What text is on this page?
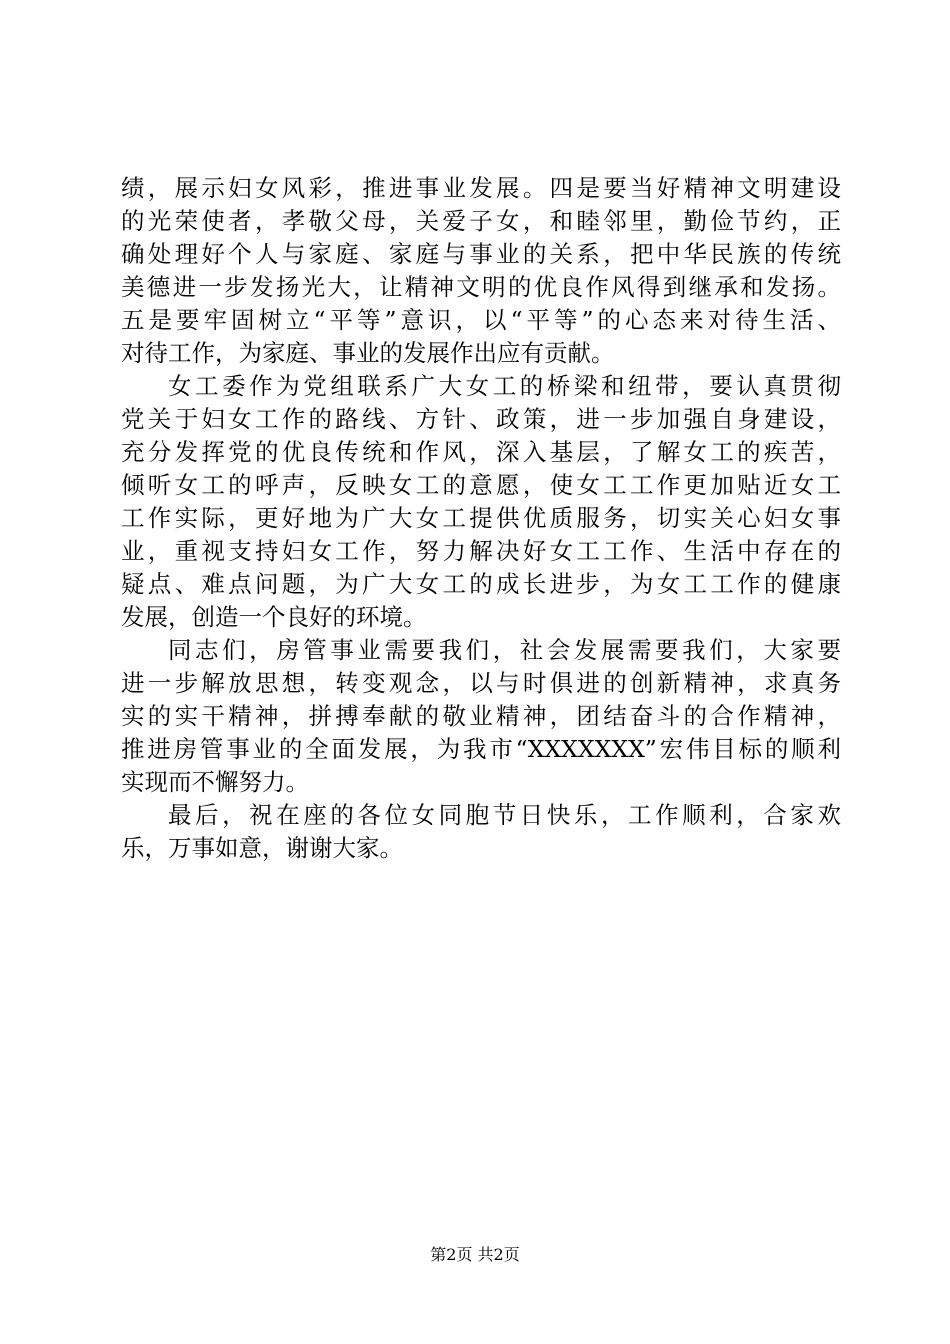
绩，展示妇女风彩，推进事业发展。四是要当好精神文明建设
的光荣使者，孝敬父母，关爱子女，和睦邻里，勤俭节约，正
确处理好个人与家庭、家庭与事业的关系，把中华民族的传统
美德进一步发扬光大，让精神文明的优良作风得到继承和发扬。
五是要牢固树立“平等”意识，以“平等”的心态来对待生活、
对待工作，为家庭、事业的发展作出应有贡献。
女工委作为党组联系广大女工的桥梁和纽带，要认真贯彻
党关于妇女工作的路线、方针、政策，进一步加强自身建设，
充分发挥党的优良传统和作风，深入基层，了解女工的疾苦，
倾听女工的呼声，反映女工的意愿，使女工工作更加贴近女工
工作实际，更好地为广大女工提供优质服务，切实关心妇女事
业，重视支持妇女工作，努力解决好女工工作、生活中存在的
疑点、难点问题，为广大女工的成长进步，为女工工作的健康
发展，创造一个良好的环境。
同志们，房管事业需要我们，社会发展需要我们，大家要
进一步解放思想，转变观念，以与时俱进的创新精神，求真务
实的实干精神，拼搏奉献的敬业精神，团结奋斗的合作精神，
推进房管事业的全面发展，为我市“XXXXXXX”宏伟目标的顺利
实现而不懈努力。
最后，祝在座的各位女同胞节日快乐，工作顺利，合家欢
乐，万事如意，谢谢大家。
第2页 共2页
